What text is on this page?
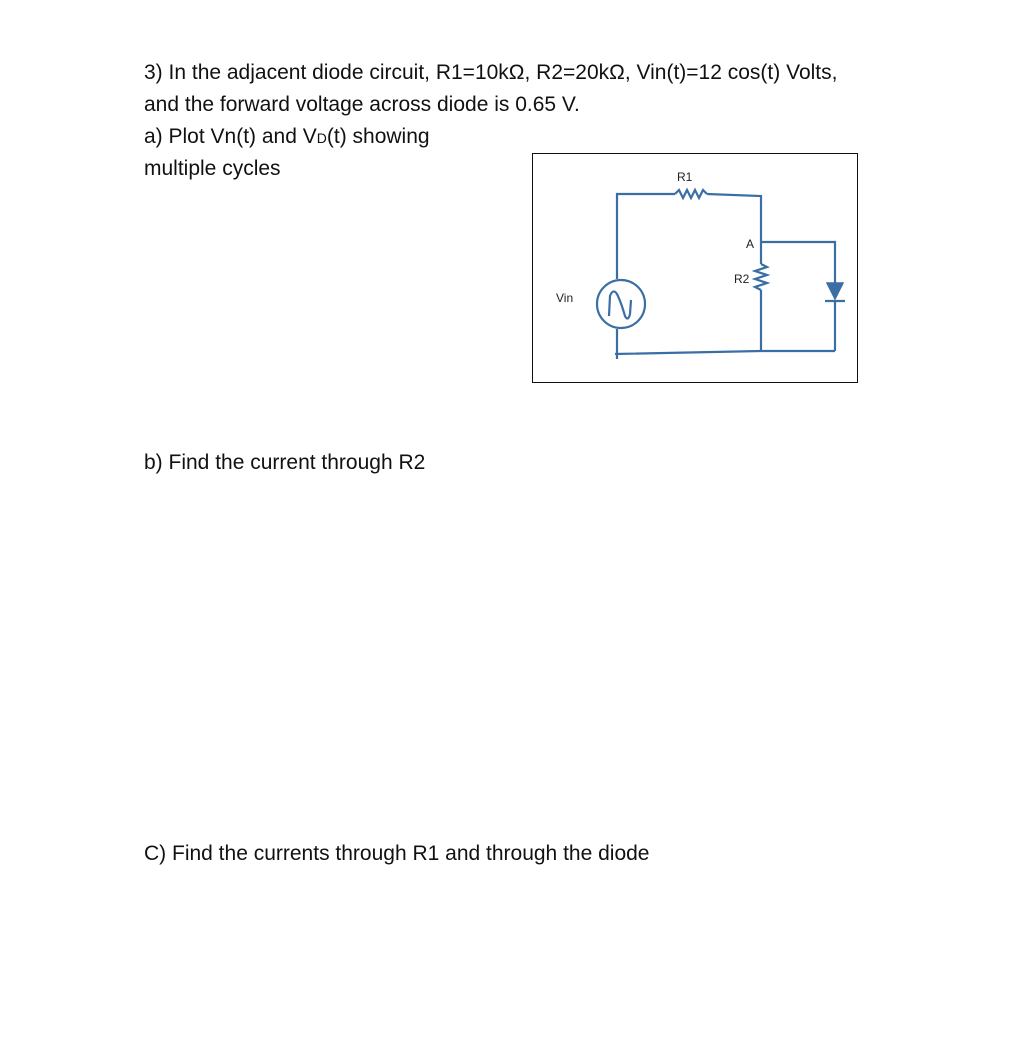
3) In the adjacent diode circuit, R1=10kΩ, R2=20kΩ, Vin(t)=12 cos(t) Volts,
and the forward voltage across diode is 0.65 V.
a) Plot Vn(t) and VD(t) showing
multiple cycles	R1
R2
A
Vin
b) Find the current through R2
C) Find the currents through R1 and through the diode
